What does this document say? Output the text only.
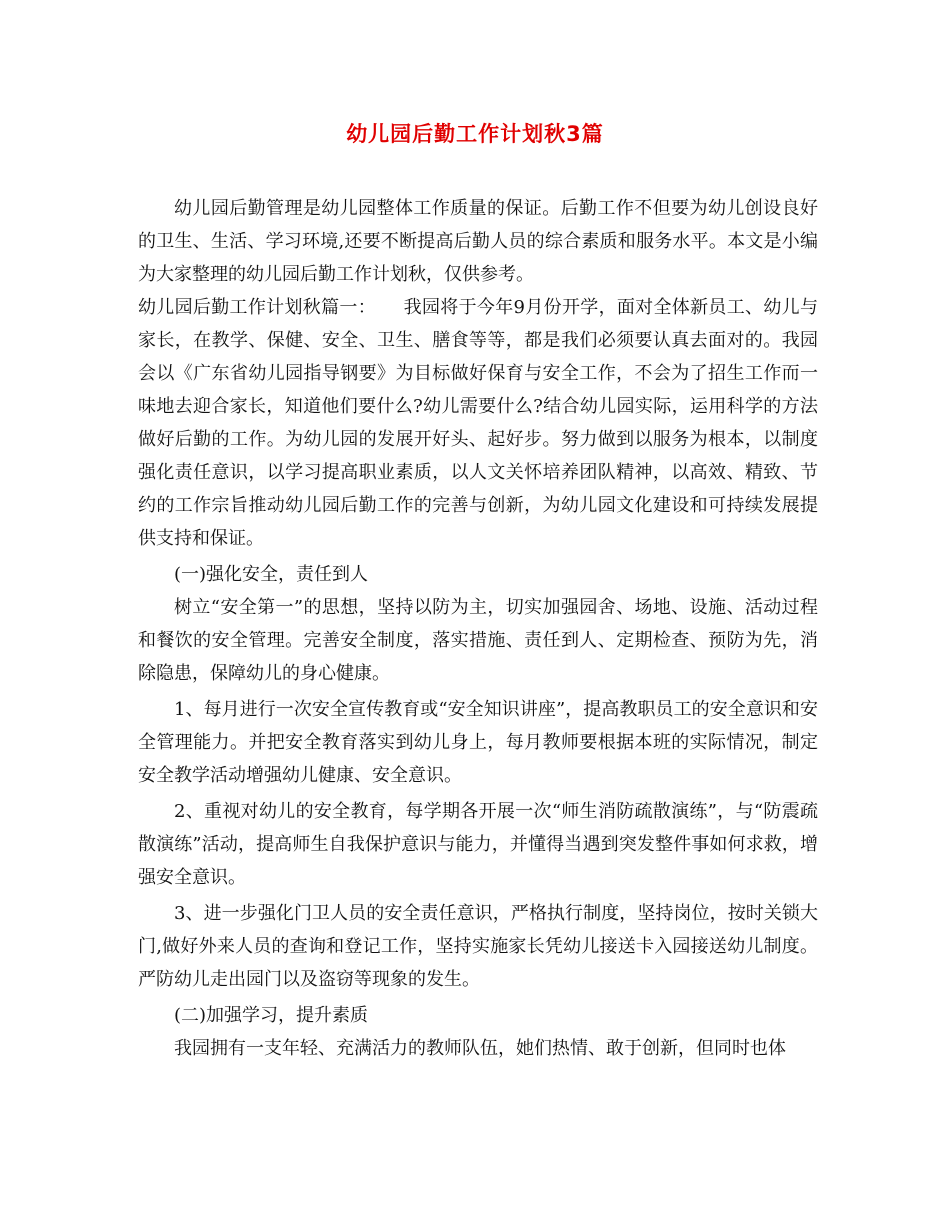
幼儿园后勤工作计划秋3篇

幼儿园后勤管理是幼儿园整体工作质量的保证。后勤工作不但要为幼儿创设良好的卫生、生活、学习环境,还要不断提高后勤人员的综合素质和服务水平。本文是小编为大家整理的幼儿园后勤工作计划秋，仅供参考。

幼儿园后勤工作计划秋篇一：　　我园将于今年9月份开学，面对全体新员工、幼儿与家长，在教学、保健、安全、卫生、膳食等等，都是我们必须要认真去面对的。我园会以《广东省幼儿园指导钢要》为目标做好保育与安全工作，不会为了招生工作而一味地去迎合家长，知道他们要什么?幼儿需要什么?结合幼儿园实际，运用科学的方法做好后勤的工作。为幼儿园的发展开好头、起好步。努力做到以服务为根本，以制度强化责任意识，以学习提高职业素质，以人文关怀培养团队精神，以高效、精致、节约的工作宗旨推动幼儿园后勤工作的完善与创新，为幼儿园文化建设和可持续发展提供支持和保证。

(一)强化安全，责任到人

树立“安全第一”的思想，坚持以防为主，切实加强园舍、场地、设施、活动过程和餐饮的安全管理。完善安全制度，落实措施、责任到人、定期检查、预防为先，消除隐患，保障幼儿的身心健康。

1、每月进行一次安全宣传教育或“安全知识讲座”，提高教职员工的安全意识和安全管理能力。并把安全教育落实到幼儿身上，每月教师要根据本班的实际情况，制定安全教学活动增强幼儿健康、安全意识。

2、重视对幼儿的安全教育，每学期各开展一次“师生消防疏散演练”，与“防震疏散演练”活动，提高师生自我保护意识与能力，并懂得当遇到突发整件事如何求救，增强安全意识。

3、进一步强化门卫人员的安全责任意识，严格执行制度，坚持岗位，按时关锁大门,做好外来人员的查询和登记工作，坚持实施家长凭幼儿接送卡入园接送幼儿制度。严防幼儿走出园门以及盗窃等现象的发生。

(二)加强学习，提升素质

我园拥有一支年轻、充满活力的教师队伍，她们热情、敢于创新，但同时也体
